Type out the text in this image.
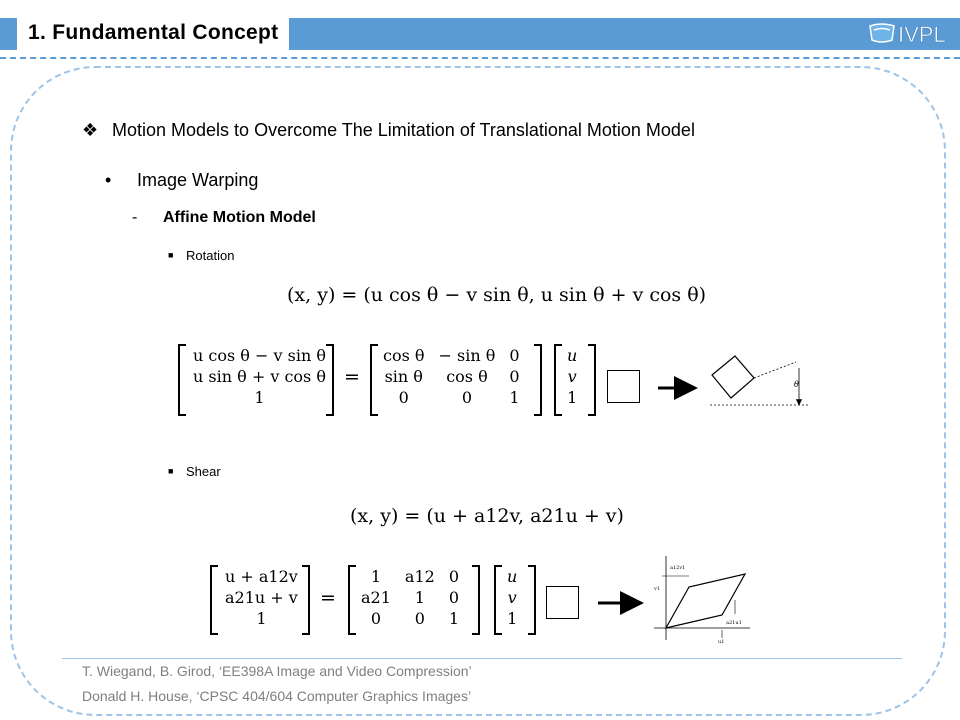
1. Fundamental Concept	IVPL
❖ Motion Models to Overcome The Limitation of Translational Motion Model
• Image Warping
- Affine Motion Model
■ Rotation
(x, y) = (u cos θ − v sin θ, u sin θ + v cos θ)
u cos θ − v sin θ
u sin θ + v cos θ
1
=
cos θ	− sin θ	0
sin θ	cos θ	0
0	0	1
u
v
1
θ
■ Shear
(x, y) = (u + a12v, a21u + v)
u + a12v
a21u + v
1
=
1	a12	0
a21	1	0
0	0	1
u
v
1
a12v1
v1
a21u1
u1
T. Wiegand, B. Girod, ‘EE398A Image and Video Compression’
Donald H. House, ‘CPSC 404/604 Computer Graphics Images’
